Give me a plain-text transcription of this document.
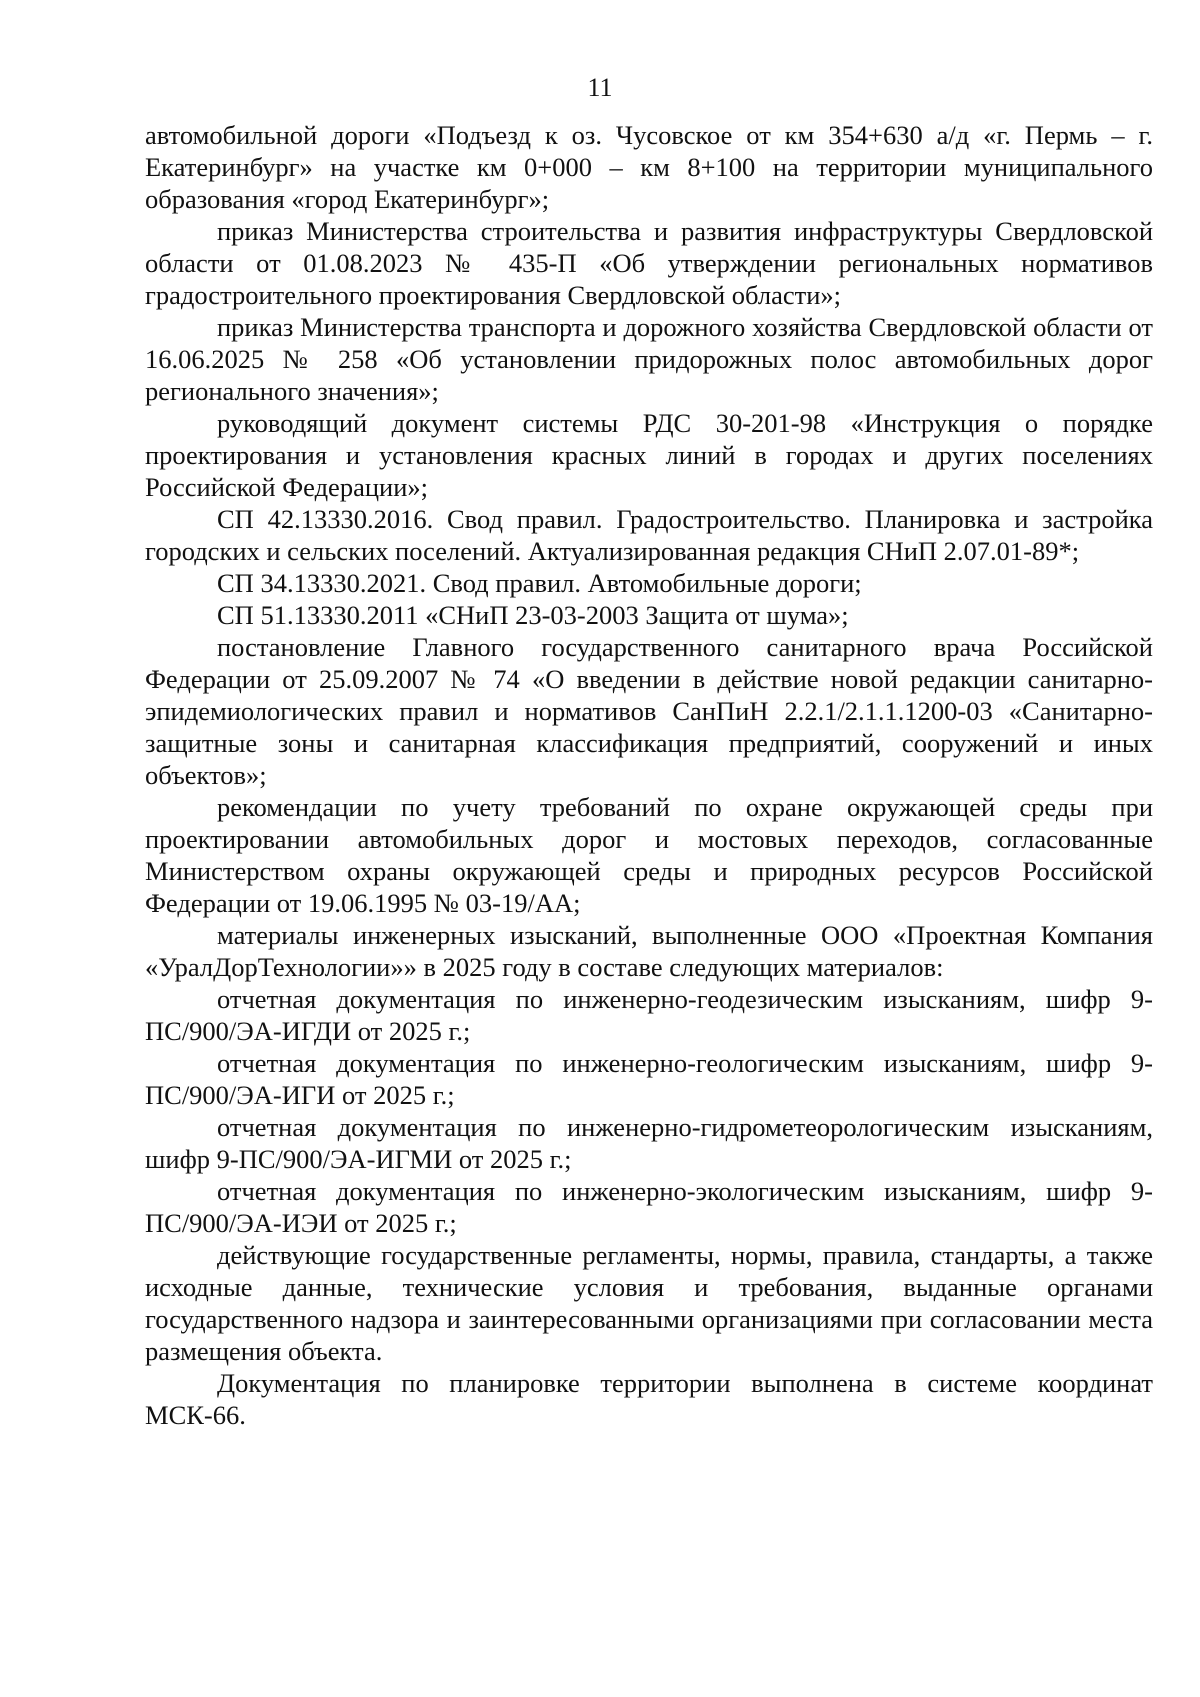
11

автомобильной дороги «Подъезд к оз. Чусовское от км 354+630 а/д «г. Пермь – г. Екатеринбург» на участке км 0+000 – км 8+100 на территории муниципального образования «город Екатеринбург»;

приказ Министерства строительства и развития инфраструктуры Свердловской области от 01.08.2023 № 435-П «Об утверждении региональных нормативов градостроительного проектирования Свердловской области»;

приказ Министерства транспорта и дорожного хозяйства Свердловской области от 16.06.2025 № 258 «Об установлении придорожных полос автомобильных дорог регионального значения»;

руководящий документ системы РДС 30-201-98 «Инструкция о порядке проектирования и установления красных линий в городах и других поселениях Российской Федерации»;

СП 42.13330.2016. Свод правил. Градостроительство. Планировка и застройка городских и сельских поселений. Актуализированная редакция СНиП 2.07.01-89*;

СП 34.13330.2021. Свод правил. Автомобильные дороги;

СП 51.13330.2011 «СНиП 23-03-2003 Защита от шума»;

постановление Главного государственного санитарного врача Российской Федерации от 25.09.2007 № 74 «О введении в действие новой редакции санитарно-эпидемиологических правил и нормативов СанПиН 2.2.1/2.1.1.1200-03 «Санитарно-защитные зоны и санитарная классификация предприятий, сооружений и иных объектов»;

рекомендации по учету требований по охране окружающей среды при проектировании автомобильных дорог и мостовых переходов, согласованные Министерством охраны окружающей среды и природных ресурсов Российской Федерации от 19.06.1995 № 03-19/АА;

материалы инженерных изысканий, выполненные ООО «Проектная Компания «УралДорТехнологии»» в 2025 году в составе следующих материалов:

отчетная документация по инженерно-геодезическим изысканиям, шифр 9-ПС/900/ЭА-ИГДИ от 2025 г.;

отчетная документация по инженерно-геологическим изысканиям, шифр 9-ПС/900/ЭА-ИГИ от 2025 г.;

отчетная документация по инженерно-гидрометеорологическим изысканиям, шифр 9-ПС/900/ЭА-ИГМИ от 2025 г.;

отчетная документация по инженерно-экологическим изысканиям, шифр 9-ПС/900/ЭА-ИЭИ от 2025 г.;

действующие государственные регламенты, нормы, правила, стандарты, а также исходные данные, технические условия и требования, выданные органами государственного надзора и заинтересованными организациями при согласовании места размещения объекта.

Документация по планировке территории выполнена в системе координат МСК-66.
